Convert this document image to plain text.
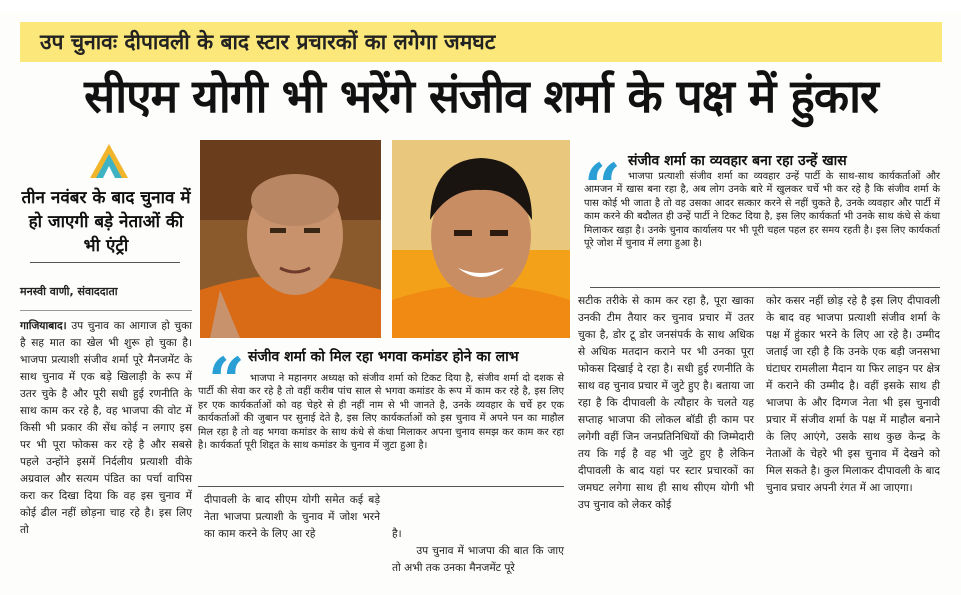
उप चुनावः दीपावली के बाद स्टार प्रचारकों का लगेगा जमघट
सीएम योगी भी भरेंगे संजीव शर्मा के पक्ष में हुंकार
तीन नवंबर के बाद चुनाव में हो जाएगी बड़े नेताओं की भी एंट्री
मनस्वी वाणी, संवाददाता

गाजियाबाद। उप चुनाव का आगाज हो चुका है सह मात का खेल भी शुरू हो चुका है। भाजपा प्रत्याशी संजीव शर्मा पूरे मैनजमेंट के साथ चुनाव में एक बड़े खिलाड़ी के रूप में उतर चुके है और पूरी सधी हुई रणनीति के साथ काम कर रहे है, वह भाजपा की वोट में किसी भी प्रकार की सेंध कोई न लगाए इस पर भी पूरा फोकस कर रहे है और सबसे पहले उन्होंने इसमें निर्दलीय प्रत्याशी वीके अग्रवाल और सत्यम पंडित का पर्चा वापिस करा कर दिखा दिया कि वह इस चुनाव में कोई ढील नहीं छोड़ना चाह रहे है। इस लिए तो

“ संजीव शर्मा को मिल रहा भगवा कमांडर होने का लाभ
भाजपा ने महानगर अध्यक्ष को संजीव शर्मा को टिकट दिया है, संजीव शर्मा दो दशक से पार्टी की सेवा कर रहे है तो वहीं करीब पांच साल से भगवा कमांडर के रूप में काम कर रहे है, इस लिए हर एक कार्यकर्ताओं को वह चेहरे से ही नहीं नाम से भी जानते है, उनके व्यवहार के चर्चे हर एक कार्यकर्ताओं की जुबान पर सुनाई देते है, इस लिए कार्यकर्ताओं को इस चुनाव में अपने पन का माहौल मिल रहा है तो वह भगवा कमांडर के साथ कंधे से कंधा मिलाकर अपना चुनाव समझ कर काम कर रहा है। कार्यकर्ता पूरी शिद्दत के साथ कमांडर के चुनाव में जुटा हुआ है।

दीपावली के बाद सीएम योगी समेत कई बड़े नेता भाजपा प्रत्याशी के चुनाव में जोश भरने का काम करने के लिए आ रहे

	है।
उप चुनाव में भाजपा की बात कि जाए तो अभी तक उनका मैनजमेंट पूरे

“ संजीव शर्मा का व्यवहार बना रहा उन्हें खास
भाजपा प्रत्याशी संजीव शर्मा का व्यवहार उन्हें पार्टी के साथ-साथ कार्यकर्ताओं और आमजन में खास बना रहा है, अब लोग उनके बारे में खुलकर चर्चे भी कर रहे है कि संजीव शर्मा के पास कोई भी जाता है तो वह उसका आदर सत्कार करने से नहीं चुकते है, उनके व्यवहार और पार्टी में काम करने की बदौलत ही उन्हें पार्टी ने टिकट दिया है, इस लिए कार्यकर्ता भी उनके साथ कंधे से कंधा मिलाकर खड़ा है। उनके चुनाव कार्यालय पर भी पूरी चहल पहल हर समय रहती है। इस लिए कार्यकर्ता पूरे जोश में चुनाव में लगा हुआ है।

सटीक तरीके से काम कर रहा है, पूरा खाका उनकी टीम तैयार कर चुनाव प्रचार में उतर चुका है, डोर टू डोर जनसंपर्क के साथ अधिक से अधिक मतदान कराने पर भी उनका पूरा फोकस दिखाई दे रहा है। सधी हुई रणनीति के साथ वह चुनाव प्रचार में जुटे हुए है। बताया जा रहा है कि दीपावली के त्यौहार के चलते यह सप्ताह भाजपा की लोकल बॉडी ही काम पर लगेगी वहीं जिन जनप्रतिनिधियों की जिम्मेदारी तय कि गई है वह भी जुटे हुए है लेकिन दीपावली के बाद यहां पर स्टार प्रचारकों का जमघट लगेगा साथ ही साथ सीएम योगी भी उप चुनाव को लेकर कोई

कोर कसर नहीं छोड़ रहे है इस लिए दीपावली के बाद वह भाजपा प्रत्याशी संजीव शर्मा के पक्ष में हुंकार भरने के लिए आ रहे है। उम्मीद जताई जा रही है कि उनके एक बड़ी जनसभा घंटाघर रामलीला मैदान या फिर लाइन पर क्षेत्र में कराने की उम्मीद है। वहीं इसके साथ ही भाजपा के और दिग्गज नेता भी इस चुनावी प्रचार में संजीव शर्मा के पक्ष में माहौल बनाने के लिए आएंगे, उसके साथ कुछ केन्द्र के नेताओं के चेहरे भी इस चुनाव में देखने को मिल सकते है। कुल मिलाकर दीपावली के बाद चुनाव प्रचार अपनी रंगत में आ जाएगा।
